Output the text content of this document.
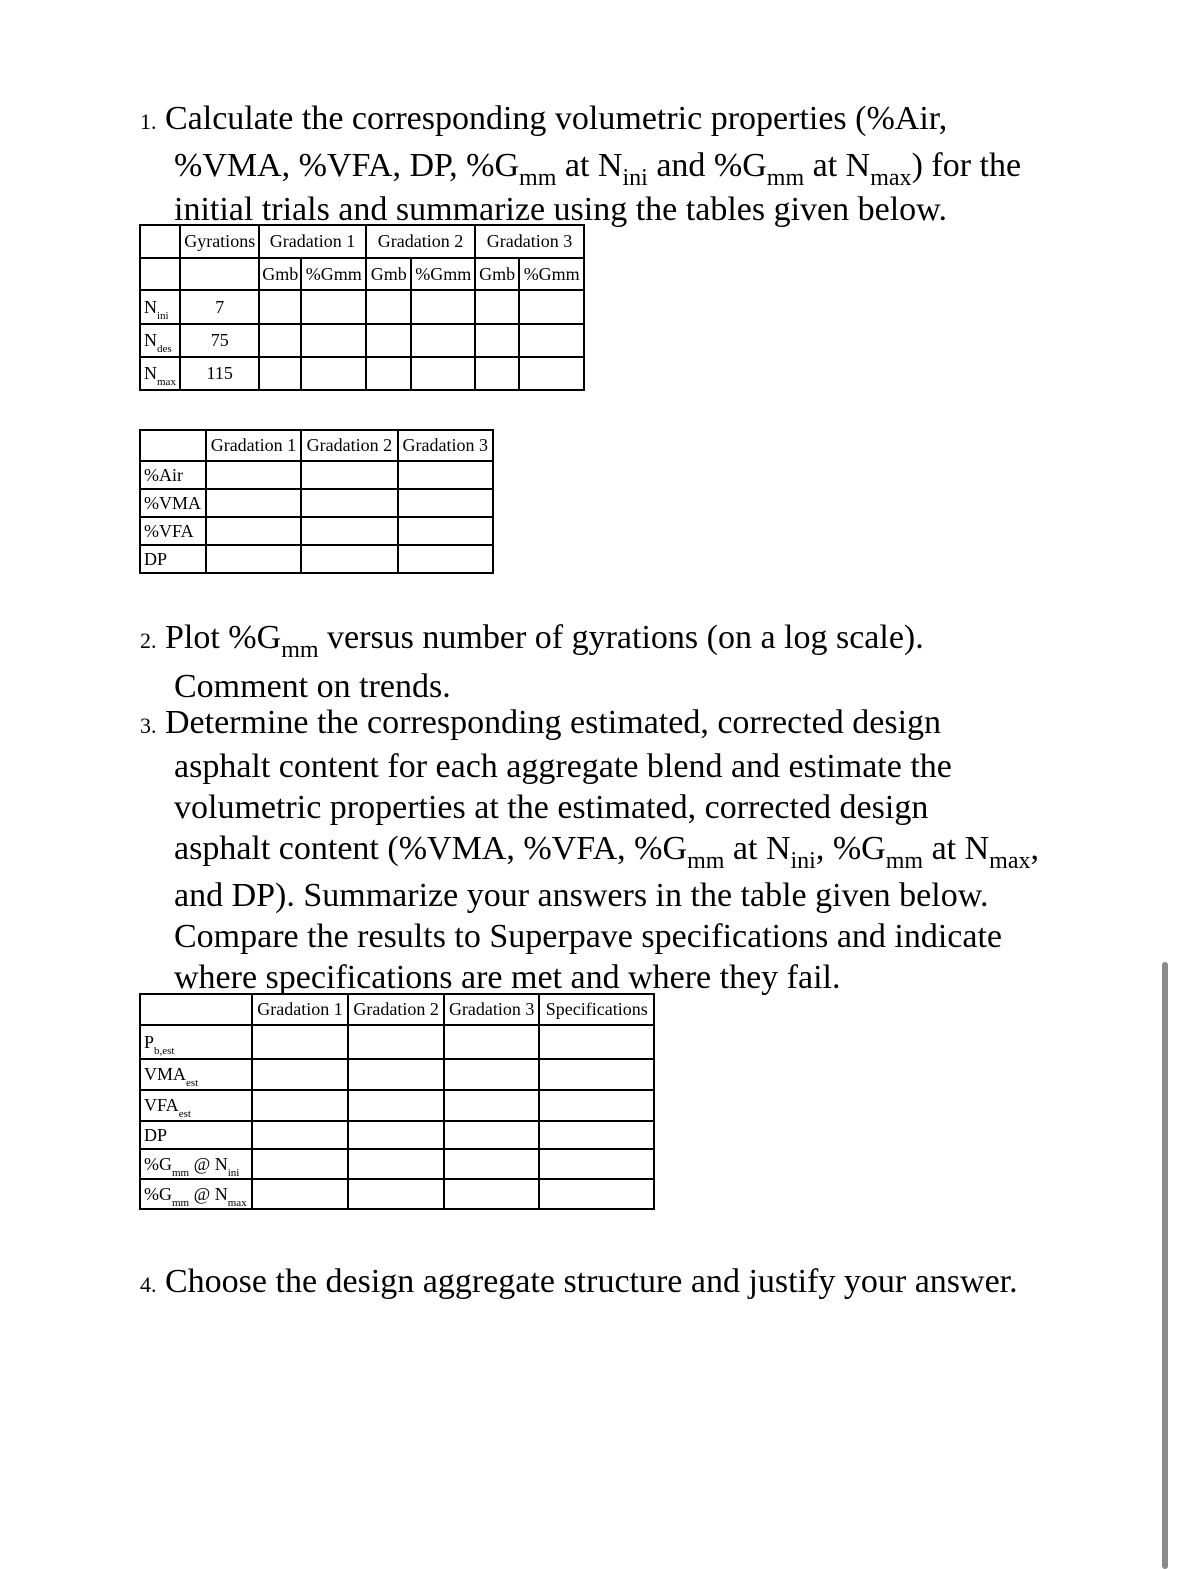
1. Calculate the corresponding volumetric properties (%Air,
%VMA, %VFA, DP, $\%G_{mm}$ at $N_{ini}$ and $\%G_{mm}$ at $N_{max}$) for the
initial trials and summarize using the tables given below.
	Gyrations	Gradation 1		Gradation 2		Gradation 3	
		Gmb	%Gmm	Gmb	%Gmm	Gmb	%Gmm
$N_{ini}$	7						
$N_{des}$	75						
$N_{max}$	115						
	Gradation 1	Gradation 2	Gradation 3
%Air			
%VMA			
%VFA			
DP			
2. Plot $\%G_{mm}$ versus number of gyrations (on a log scale).
Comment on trends.
3. Determine the corresponding estimated, corrected design
asphalt content for each aggregate blend and estimate the
volumetric properties at the estimated, corrected design
asphalt content (%VMA, %VFA, $\%G_{mm}$ at $N_{ini}$, $\%G_{mm}$ at $N_{max}$,
and DP). Summarize your answers in the table given below.
Compare the results to Superpave specifications and indicate
where specifications are met and where they fail.
	Gradation 1	Gradation 2	Gradation 3	Specifications
$P_{b,est}$				
$VMA_{est}$				
$VFA_{est}$				
DP				
$\%G_{mm}$ @ $N_{ini}$				
$\%G_{mm}$ @ $N_{max}$				
4. Choose the design aggregate structure and justify your answer.
